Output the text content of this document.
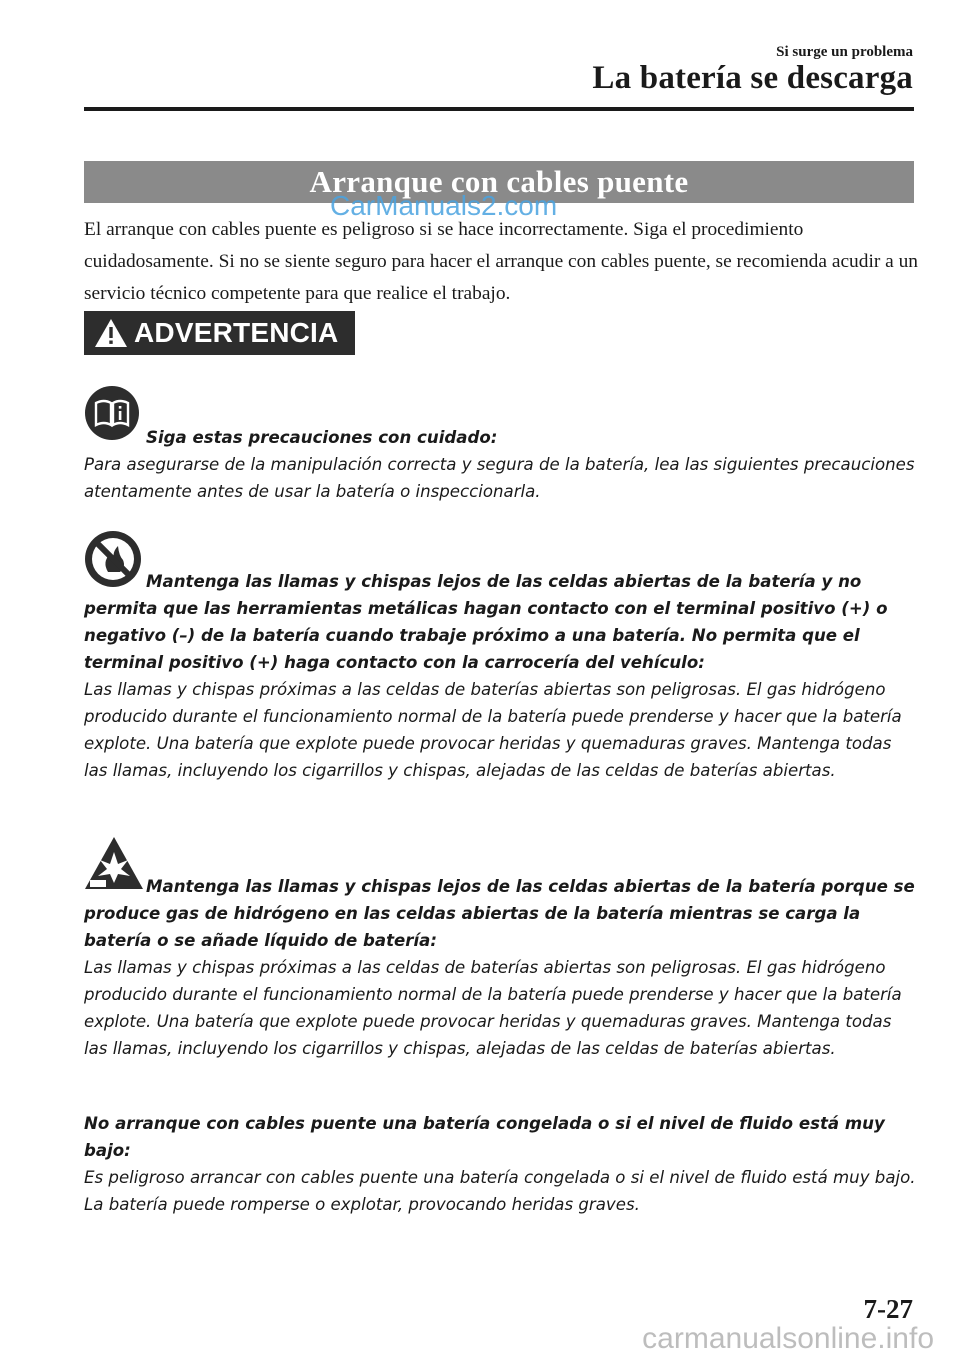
Si surge un problema
La batería se descarga
Arranque con cables puente
CarManuals2.com

El arranque con cables puente es peligroso si se hace incorrectamente. Siga el procedimiento cuidadosamente. Si no se siente seguro para hacer el arranque con cables puente, se recomienda acudir a un servicio técnico competente para que realice el trabajo.

ADVERTENCIA

Siga estas precauciones con cuidado:

Para asegurarse de la manipulación correcta y segura de la batería, lea las siguientes precauciones atentamente antes de usar la batería o inspeccionarla.

Mantenga las llamas y chispas lejos de las celdas abiertas de la batería y no permita que las herramientas metálicas hagan contacto con el terminal positivo (+) o negativo (–) de la batería cuando trabaje próximo a una batería. No permita que el terminal positivo (+) haga contacto con la carrocería del vehículo:

Las llamas y chispas próximas a las celdas de baterías abiertas son peligrosas. El gas hidrógeno producido durante el funcionamiento normal de la batería puede prenderse y hacer que la batería explote. Una batería que explote puede provocar heridas y quemaduras graves. Mantenga todas las llamas, incluyendo los cigarrillos y chispas, alejadas de las celdas de baterías abiertas.

Mantenga las llamas y chispas lejos de las celdas abiertas de la batería porque se produce gas de hidrógeno en las celdas abiertas de la batería mientras se carga la batería o se añade líquido de batería:

Las llamas y chispas próximas a las celdas de baterías abiertas son peligrosas. El gas hidrógeno producido durante el funcionamiento normal de la batería puede prenderse y hacer que la batería explote. Una batería que explote puede provocar heridas y quemaduras graves. Mantenga todas las llamas, incluyendo los cigarrillos y chispas, alejadas de las celdas de baterías abiertas.

No arranque con cables puente una batería congelada o si el nivel de fluido está muy bajo:

Es peligroso arrancar con cables puente una batería congelada o si el nivel de fluido está muy bajo. La batería puede romperse o explotar, provocando heridas graves.

7-27
carmanualsonline.info
